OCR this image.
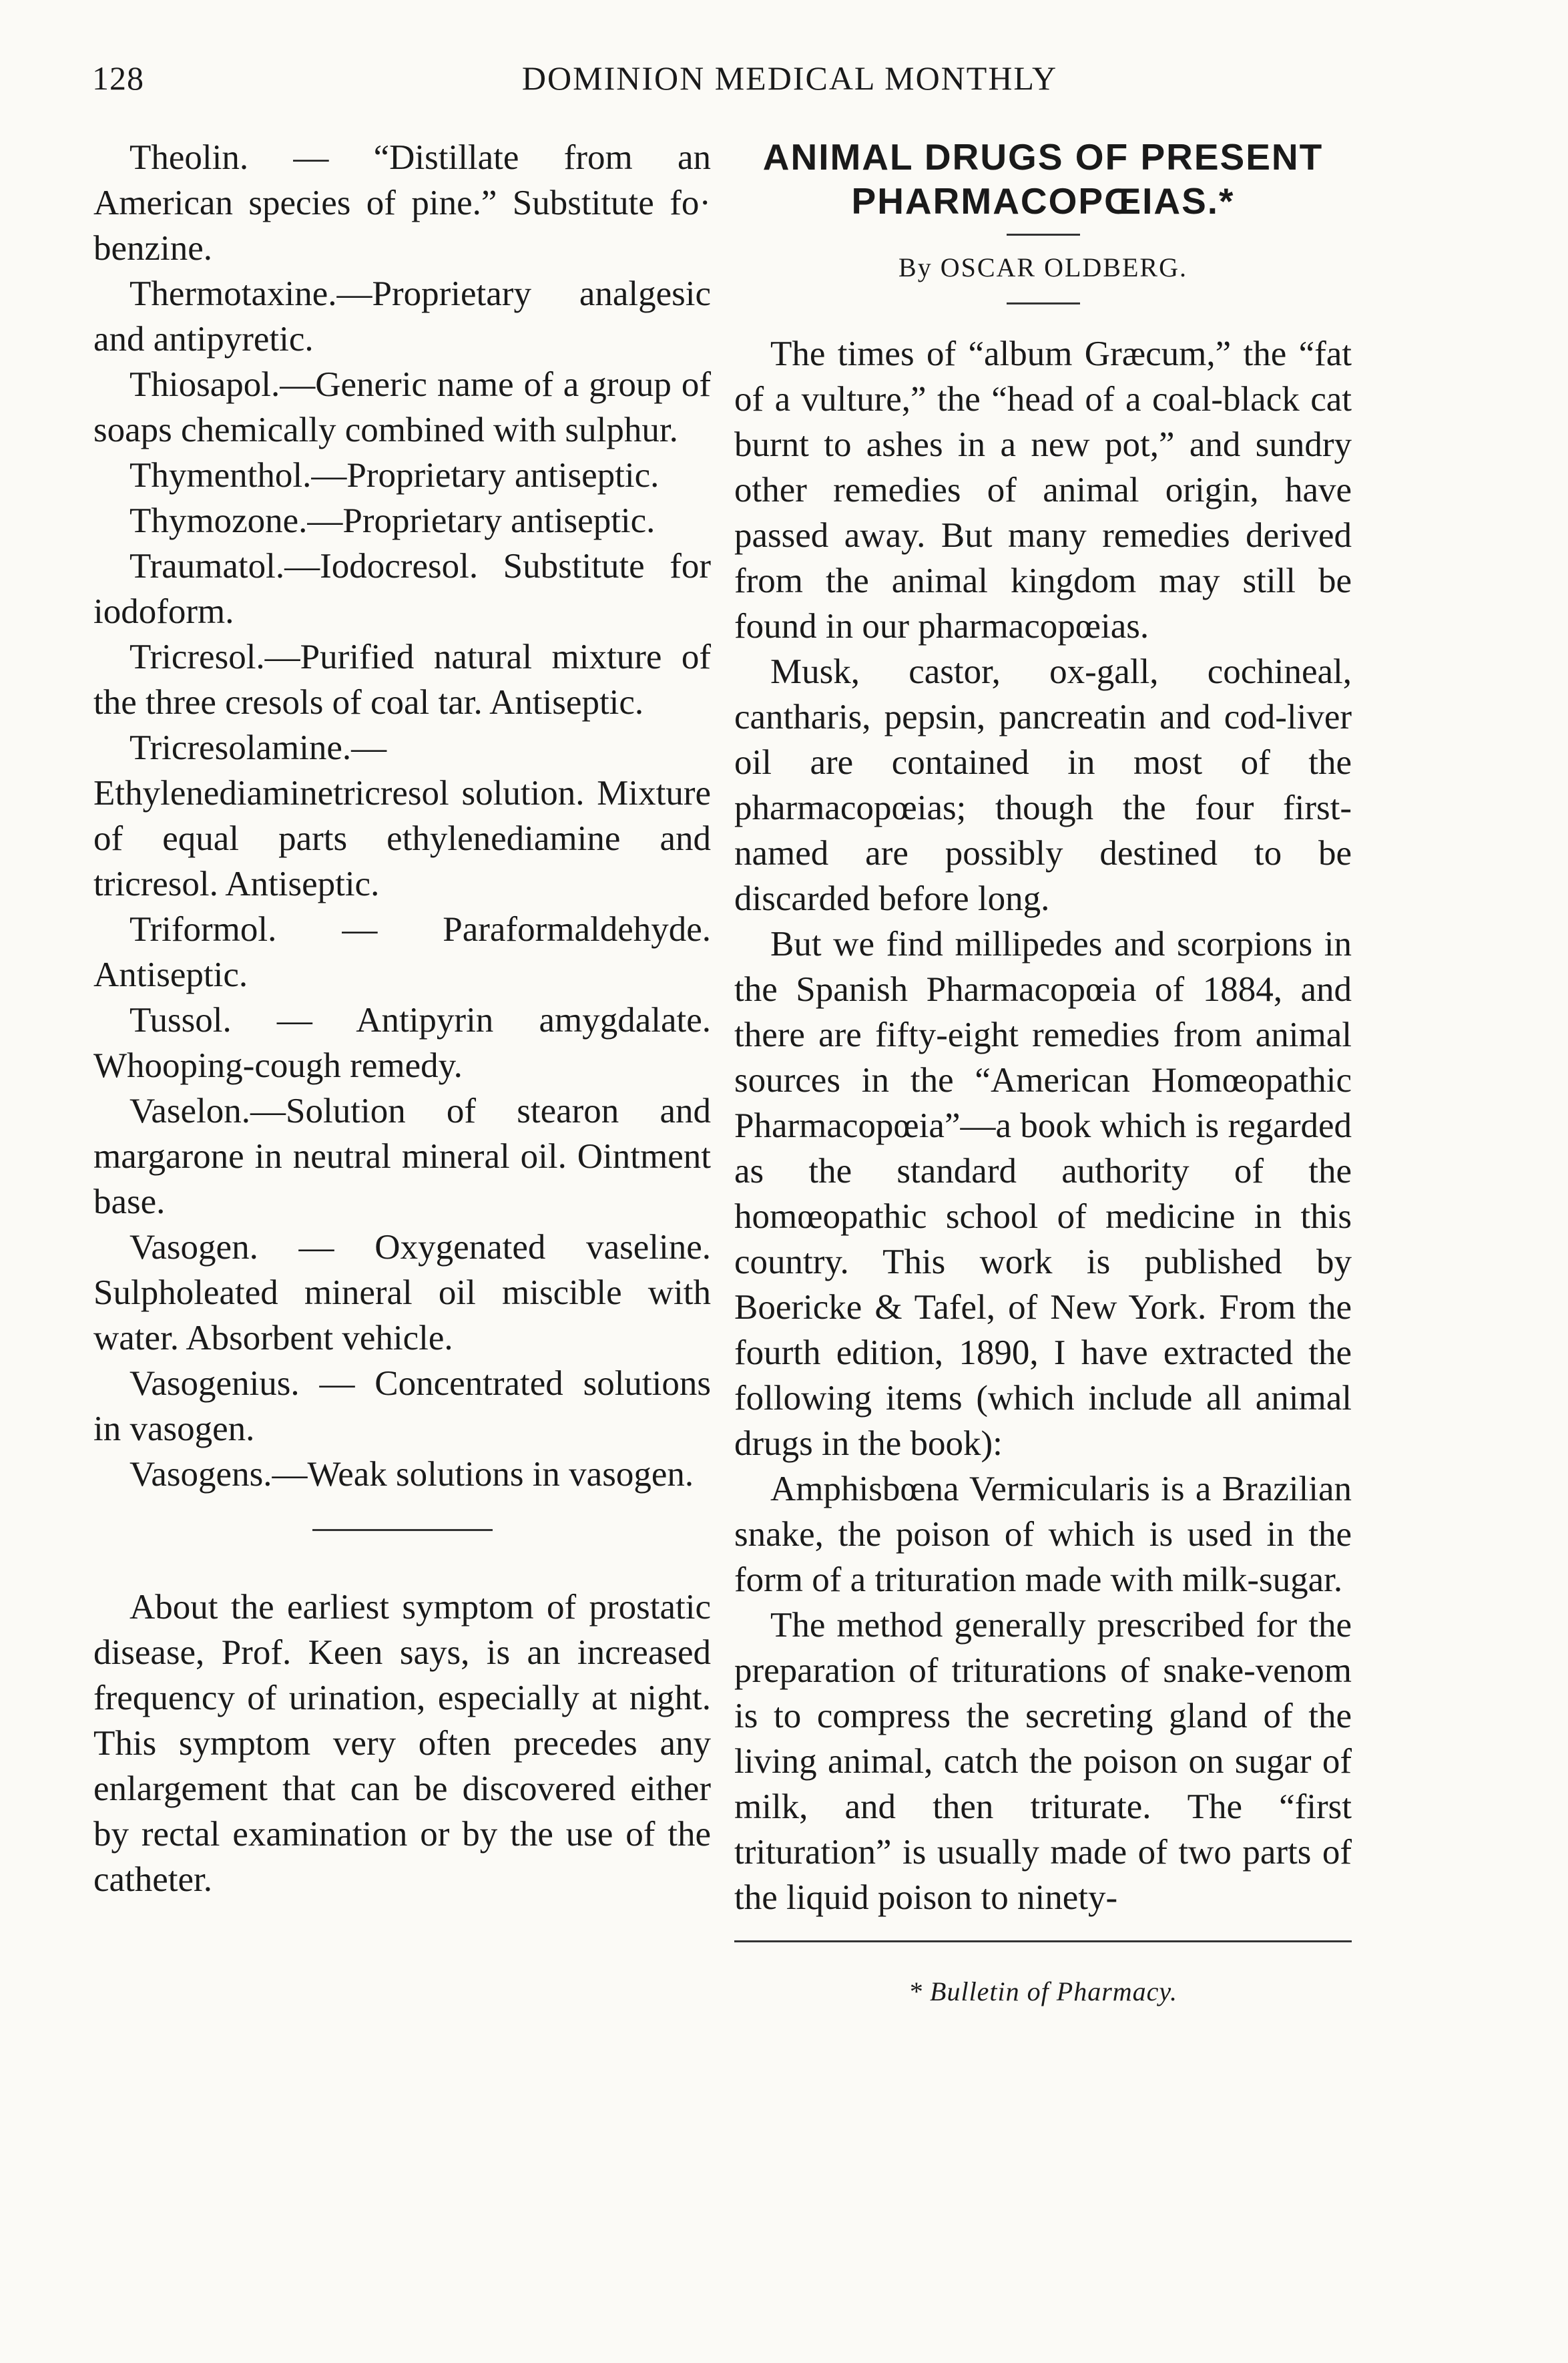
128	DOMINION MEDICAL MONTHLY

Theolin. — “Distillate from an American species of pine.” Substitute fo· benzine.

Thermotaxine.—Proprietary analgesic and antipyretic.

Thiosapol.—Generic name of a group of soaps chemically combined with sulphur.

Thymenthol.—Proprietary antiseptic.

Thymozone.—Proprietary antiseptic.

Traumatol.—Iodocresol. Substitute for iodoform.

Tricresol.—Purified natural mixture of the three cresols of coal tar. Antiseptic.

Tricresolamine.—Ethylenediaminetricresol solution. Mixture of equal parts ethylenediamine and tricresol. Antiseptic.

Triformol. — Paraformaldehyde. Antiseptic.

Tussol. — Antipyrin amygdalate. Whooping-cough remedy.

Vaselon.—Solution of stearon and margarone in neutral mineral oil. Ointment base.

Vasogen. — Oxygenated vaseline. Sulpholeated mineral oil miscible with water. Absorbent vehicle.

Vasogenius. — Concentrated solutions in vasogen.

Vasogens.—Weak solutions in vasogen.

About the earliest symptom of prostatic disease, Prof. Keen says, is an increased frequency of urination, especially at night. This symptom very often precedes any enlargement that can be discovered either by rectal examination or by the use of the catheter.

ANIMAL DRUGS OF PRESENT

PHARMACOPŒIAS.*

By OSCAR OLDBERG.

The times of “album Græcum,” the “fat of a vulture,” the “head of a coal-black cat burnt to ashes in a new pot,” and sundry other remedies of animal origin, have passed away. But many remedies derived from the animal kingdom may still be found in our pharmacopœias.

Musk, castor, ox-gall, cochineal, cantharis, pepsin, pancreatin and cod-liver oil are contained in most of the pharmacopœias; though the four first-named are possibly destined to be discarded before long.

But we find millipedes and scorpions in the Spanish Pharmacopœia of 1884, and there are fifty-eight remedies from animal sources in the “American Homœopathic Pharmacopœia”—a book which is regarded as the standard authority of the homœopathic school of medicine in this country. This work is published by Boericke & Tafel, of New York. From the fourth edition, 1890, I have extracted the following items (which include all animal drugs in the book):

Amphisbœna Vermicularis is a Brazilian snake, the poison of which is used in the form of a trituration made with milk-sugar.

The method generally prescribed for the preparation of triturations of snake-venom is to compress the secreting gland of the living animal, catch the poison on sugar of milk, and then triturate. The “first trituration” is usually made of two parts of the liquid poison to ninety-

* Bulletin of Pharmacy.
